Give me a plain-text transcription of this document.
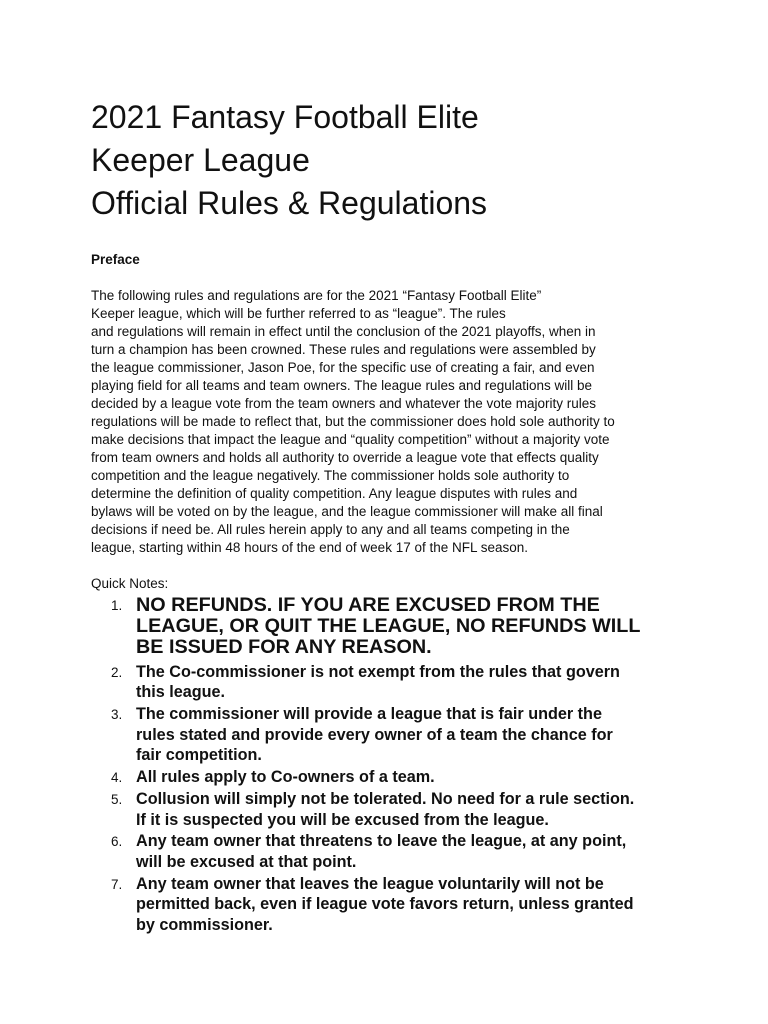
2021 Fantasy Football Elite
Keeper League
Official Rules & Regulations
Preface
The following rules and regulations are for the 2021 “Fantasy Football Elite”
Keeper league, which will be further referred to as “league”. The rules
and regulations will remain in effect until the conclusion of the 2021 playoffs, when in
turn a champion has been crowned. These rules and regulations were assembled by
the league commissioner, Jason Poe, for the specific use of creating a fair, and even
playing field for all teams and team owners. The league rules and regulations will be
decided by a league vote from the team owners and whatever the vote majority rules
regulations will be made to reflect that, but the commissioner does hold sole authority to
make decisions that impact the league and “quality competition” without a majority vote
from team owners and holds all authority to override a league vote that effects quality
competition and the league negatively. The commissioner holds sole authority to
determine the definition of quality competition. Any league disputes with rules and
bylaws will be voted on by the league, and the league commissioner will make all final
decisions if need be. All rules herein apply to any and all teams competing in the
league, starting within 48 hours of the end of week 17 of the NFL season.

Quick Notes:

1. NO REFUNDS. IF YOU ARE EXCUSED FROM THE
LEAGUE, OR QUIT THE LEAGUE, NO REFUNDS WILL
BE ISSUED FOR ANY REASON.
2. The Co-commissioner is not exempt from the rules that govern
this league.
3. The commissioner will provide a league that is fair under the
rules stated and provide every owner of a team the chance for
fair competition.
4. All rules apply to Co-owners of a team.
5. Collusion will simply not be tolerated. No need for a rule section.
If it is suspected you will be excused from the league.
6. Any team owner that threatens to leave the league, at any point,
will be excused at that point.
7. Any team owner that leaves the league voluntarily will not be
permitted back, even if league vote favors return, unless granted
by commissioner.
